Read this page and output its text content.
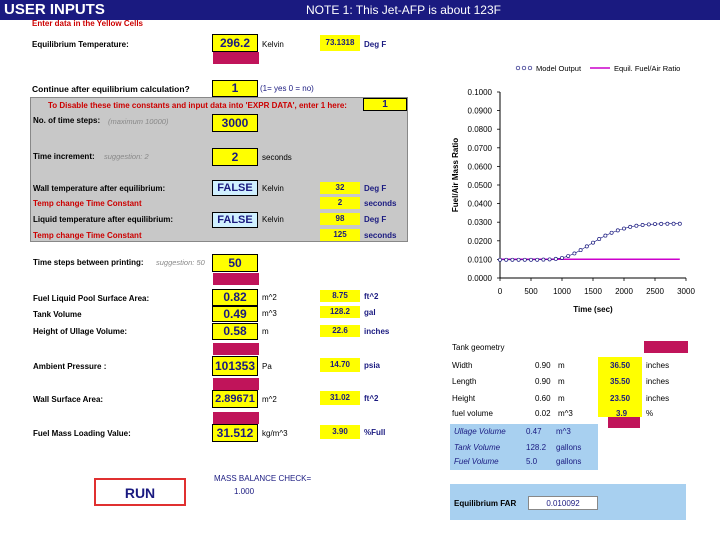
USER INPUTS	NOTE 1: This Jet-AFP is about 123F
Enter data in the Yellow Cells
Equilibrium Temperature:	296.2	Kelvin	73.1318	Deg F
Continue after equilibrium calculation?	1	(1= yes 0 = no)
To Disable these time constants and input data into 'EXPR DATA', enter 1 here:	1
No. of time steps: (maximum 10000)	3000
Time increment: suggestion: 2	2	seconds
Wall temperature after equilibrium:	FALSE	Kelvin	32	Deg F
Temp change Time Constant	2	seconds
Liquid temperature after equilibrium:	FALSE	Kelvin	98	Deg F
Temp change Time Constant	125	seconds
Time steps between printing: suggestion: 50	50
Fuel Liquid Pool Surface Area:	0.82	m^2	8.75	ft^2
Tank Volume	0.49	m^3	128.2	gal
Height of Ullage Volume:	0.58	m	22.6	inches
Ambient Pressure :	101353 Pa	14.70	psia
Wall Surface Area:	2.89671 m^2	31.02	ft^2
Fuel Mass Loading Value:	31.512	kg/m^3	3.90	%Full
MASS BALANCE CHECK=
1.000
RUN
Tank geometry
Width	0.90 m	36.50 inches
Length	0.90 m	35.50 inches
Height	0.60 m	23.50 inches
fuel volume	0.02 m^3	3.9 %
Ullage Volume	0.47 m^3
Tank Volume	128.2 gallons
Fuel Volume	5.0 gallons
Equilibrium FAR	0.010092
0.0000
0.0100
0.0200
0.0300
0.0400
0.0500
0.0600
0.0700
0.0800
0.0900
0.1000
0	500 1000 1500 2000 2500 3000
Time (sec)
Fuel/Air Mass Ratio
Model Output	Equil. Fuel/Air Ratio
